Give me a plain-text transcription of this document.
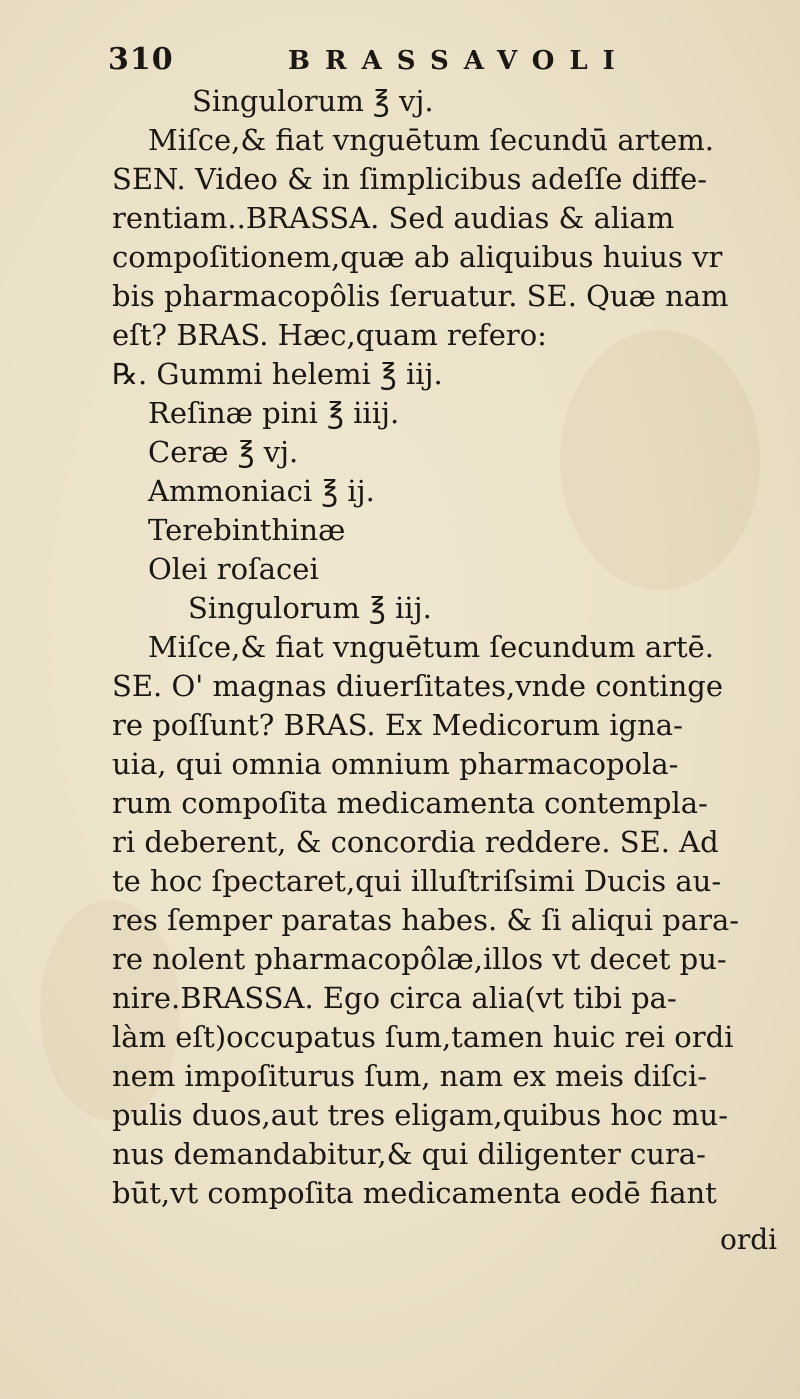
310	BRASSAVOLI
Singulorum ℥ vj.
Miſce,& fiat vnguētum ſecundū artem.
SEN. Video & in ſimplicibus adeſſe diffe-
rentiam..BRASSA. Sed audias & aliam
compoſitionem,quæ ab aliquibus huius vr
bis pharmacopôlis ſeruatur. SE. Quæ nam
eſt? BRAS. Hæc,quam refero:
℞. Gummi helemi ℥ iij.
Reſinæ pini ℥ iiij.
Ceræ ℥ vj.
Ammoniaci ℥ ij.
Terebinthinæ
Olei roſacei
Singulorum ℥ iij.
Miſce,& fiat vnguētum ſecundum artē.
SE. O' magnas diuerſitates,vnde continge
re poſſunt? BRAS. Ex Medicorum igna-
uia, qui omnia omnium pharmacopola-
rum compoſita medicamenta contempla-
ri deberent, & concordia reddere. SE. Ad
te hoc ſpectaret,qui illuſtriſsimi Ducis au-
res ſemper paratas habes. & ſi aliqui para-
re nolent pharmacopôlæ,illos vt decet pu-
nire.BRASSA. Ego circa alia(vt tibi pa-
làm eſt)occupatus ſum,tamen huic rei ordi
nem impoſiturus ſum, nam ex meis diſci-
pulis duos,aut tres eligam,quibus hoc mu-
nus demandabitur,& qui diligenter cura-
būt,vt compoſita medicamenta eodē fiant
ordi
